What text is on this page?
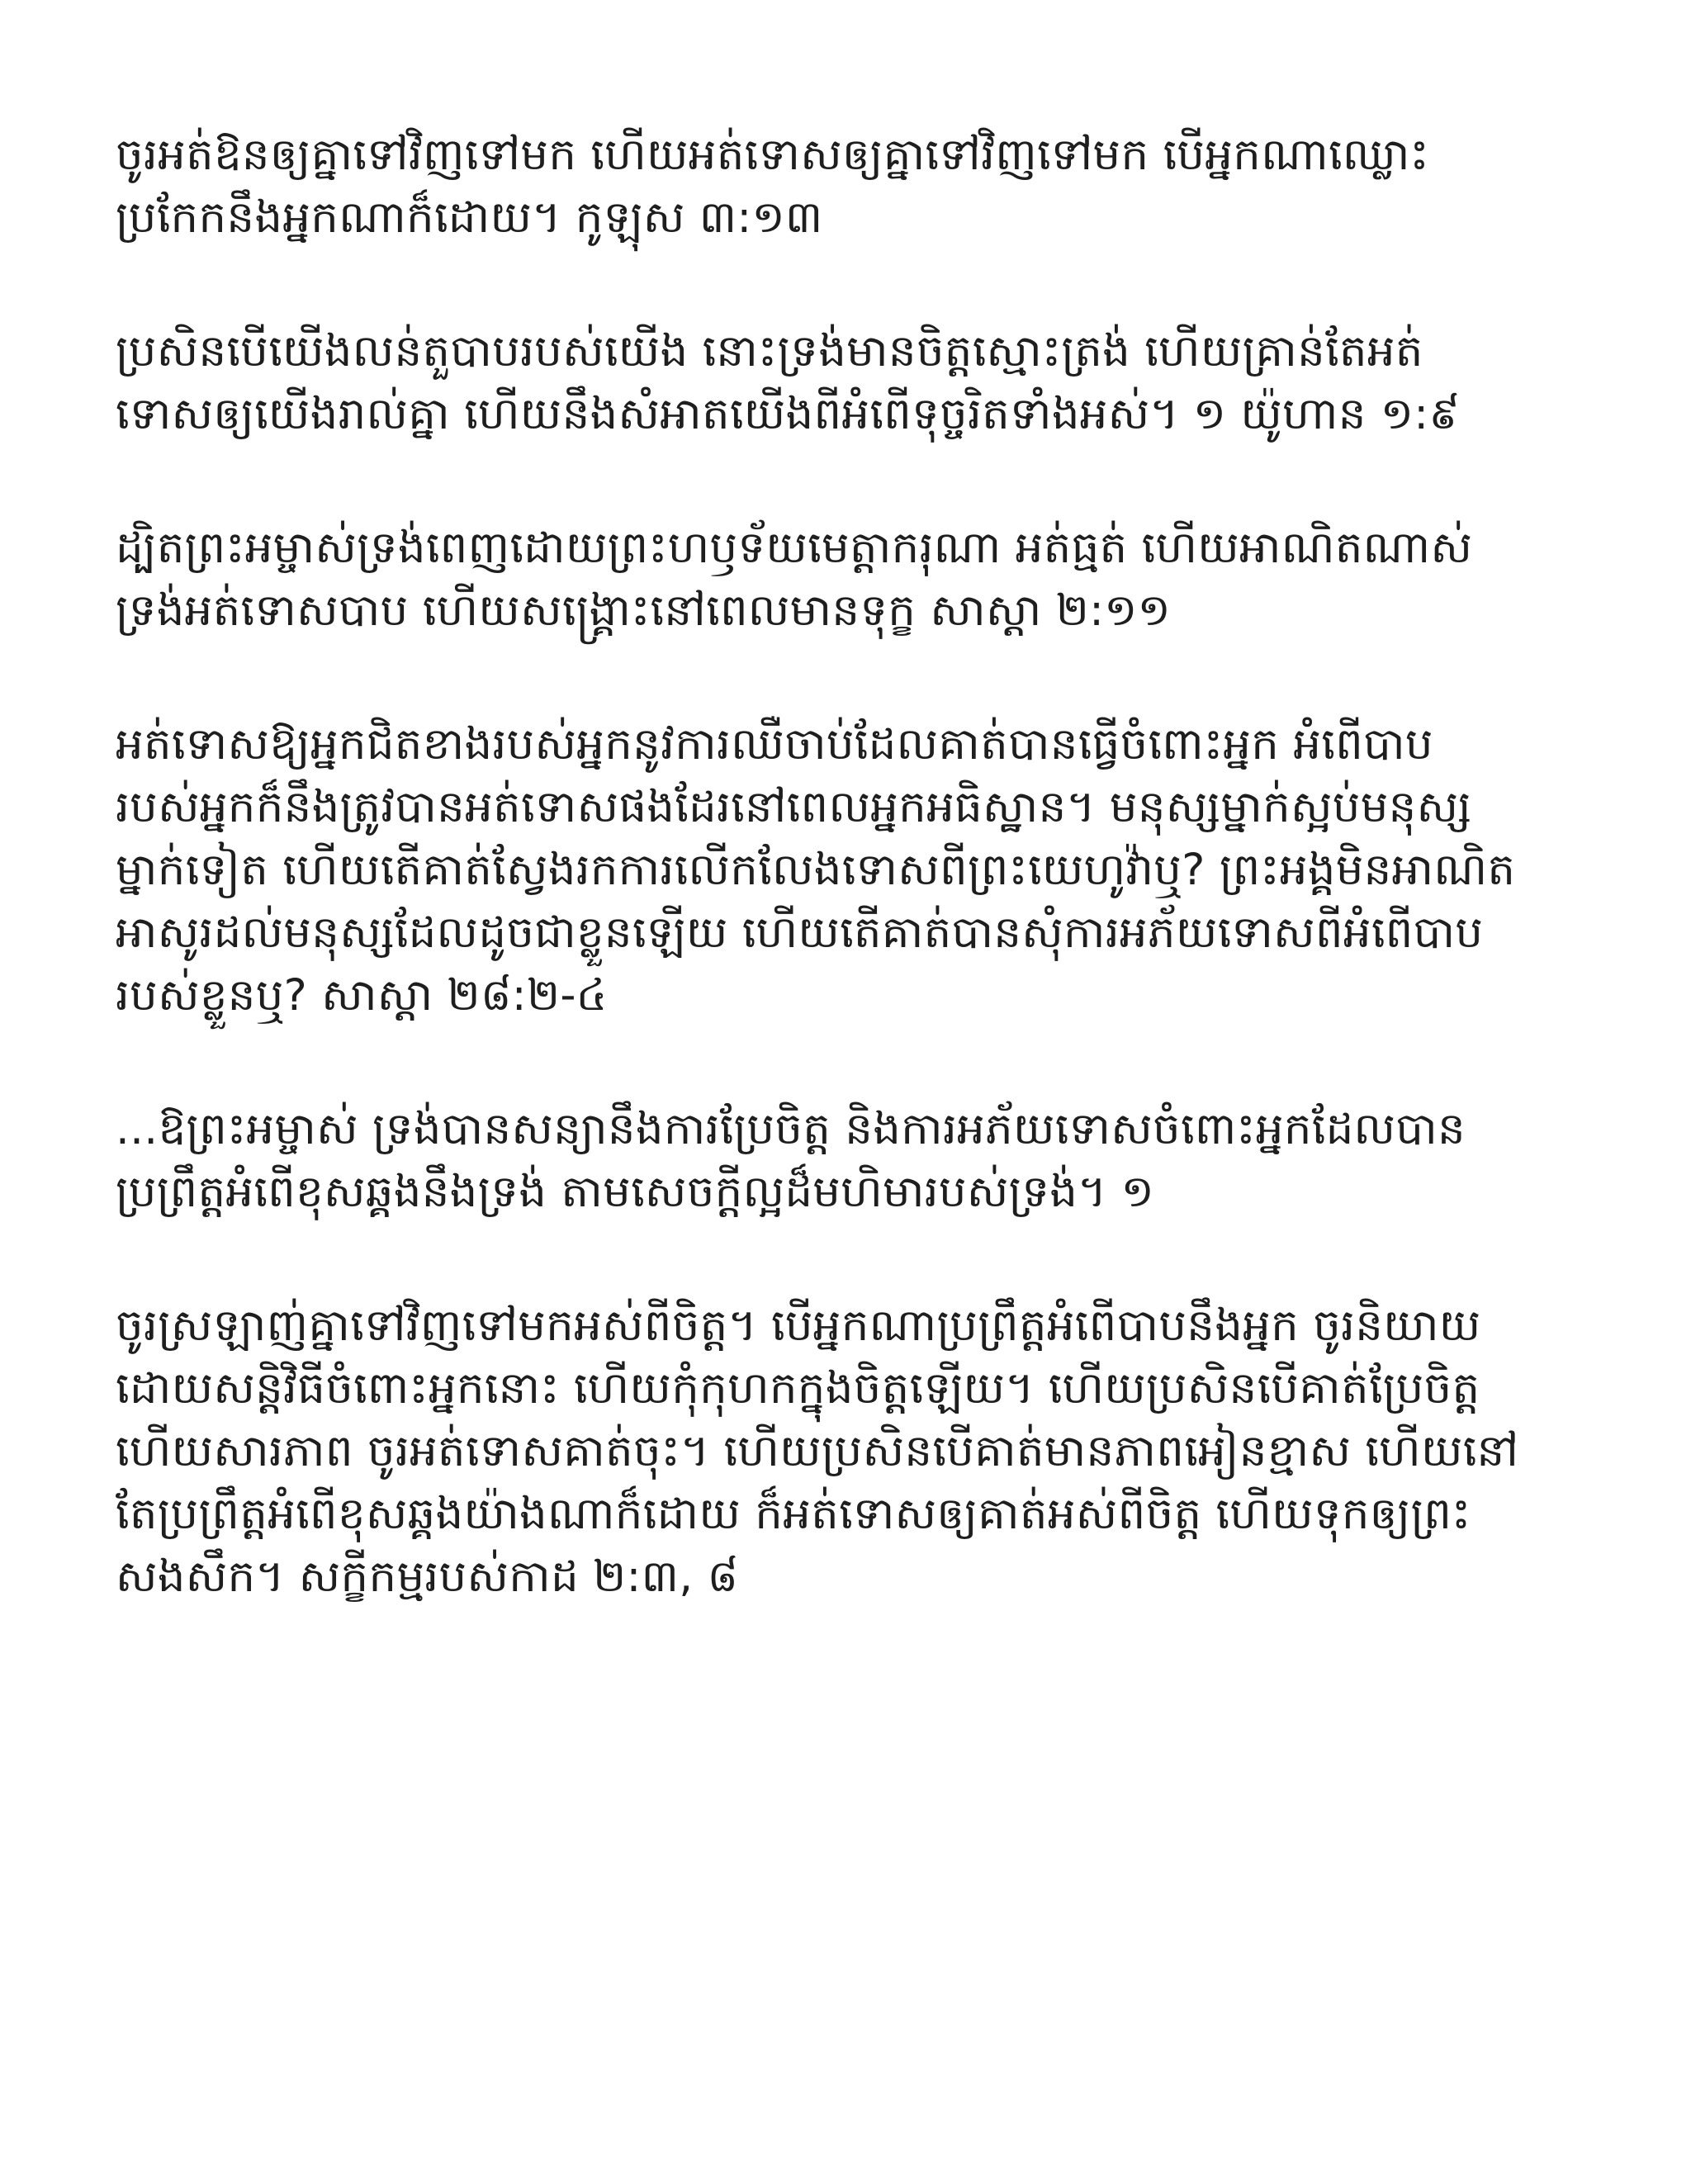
ចូរអត់ឱនឲ្យគ្នាទៅវិញទៅមក ហើយអត់ទោសឲ្យគ្នាទៅវិញទៅមក បើអ្នកណាឈ្លោះ
ប្រកែកនឹងអ្នកណាក៏ដោយ។ កូឡុស ៣:១៣

ប្រសិនបើយើងលន់តួបាបរបស់យើង នោះទ្រង់មានចិត្តស្មោះត្រង់ ហើយគ្រាន់តែអត់
ទោសឲ្យយើងរាល់គ្នា ហើយនឹងសំអាតយើងពីអំពើទុច្ចរិតទាំងអស់។ ១ យ៉ូហាន ១:៩

ដ្បិតព្រះអម្ចាស់ទ្រង់ពេញដោយព្រះហឫទ័យមេត្តាករុណា អត់ធ្មត់ ហើយអាណិតណាស់
ទ្រង់អត់ទោសបាប ហើយសង្គ្រោះនៅពេលមានទុក្ខ សាស្តា ២:១១

អត់ទោសឱ្យអ្នកជិតខាងរបស់អ្នកនូវការឈឺចាប់ដែលគាត់បានធ្វើចំពោះអ្នក អំពើបាប
របស់អ្នកក៏នឹងត្រូវបានអត់ទោសផងដែរនៅពេលអ្នកអធិស្ឋាន។ មនុស្សម្នាក់ស្អប់មនុស្ស
ម្នាក់ទៀត ហើយតើគាត់ស្វែងរកការលើកលែងទោសពីព្រះយេហូវ៉ាឬ? ព្រះអង្គមិនអាណិត
អាសូរដល់មនុស្សដែលដូចជាខ្លួនឡើយ ហើយតើគាត់បានសុំការអភ័យទោសពីអំពើបាប
របស់ខ្លួនឬ? សាស្តា ២៨:២-៤

...ឱព្រះអម្ចាស់ ទ្រង់បានសន្យានឹងការប្រែចិត្ត និងការអភ័យទោសចំពោះអ្នកដែលបាន
ប្រព្រឹត្តអំពើខុសឆ្គងនឹងទ្រង់ តាមសេចក្តីល្អដ៏មហិមារបស់ទ្រង់។ ១

ចូរស្រឡាញ់គ្នាទៅវិញទៅមកអស់ពីចិត្ត។ បើអ្នកណាប្រព្រឹត្តអំពើបាបនឹងអ្នក ចូរនិយាយ
ដោយសន្តិវិធីចំពោះអ្នកនោះ ហើយកុំកុហកក្នុងចិត្តឡើយ។ ហើយប្រសិនបើគាត់ប្រែចិត្ត
ហើយសារភាព ចូរអត់ទោសគាត់ចុះ។ ហើយប្រសិនបើគាត់មានភាពអៀនខ្មាស ហើយនៅ
តែប្រព្រឹត្តអំពើខុសឆ្គងយ៉ាងណាក៏ដោយ ក៏អត់ទោសឲ្យគាត់អស់ពីចិត្ត ហើយទុកឲ្យព្រះ
សងសឹក។ សក្ខីកម្មរបស់កាដ ២:៣, ៨
